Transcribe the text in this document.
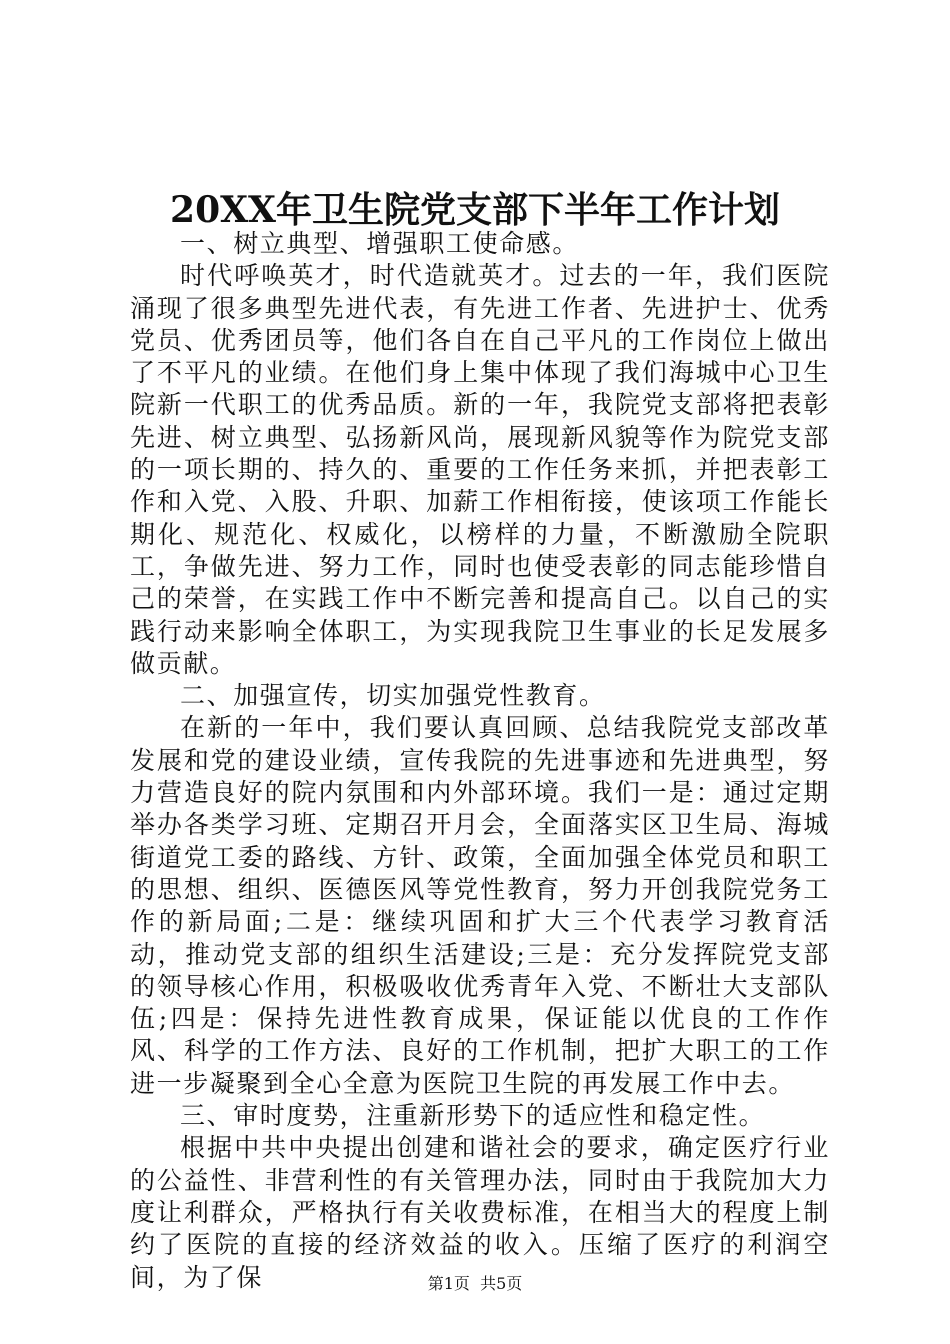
20XX年卫生院党支部下半年工作计划

一、树立典型、增强职工使命感。

时代呼唤英才，时代造就英才。过去的一年，我们医院涌现了很多典型先进代表，有先进工作者、先进护士、优秀党员、优秀团员等，他们各自在自己平凡的工作岗位上做出了不平凡的业绩。在他们身上集中体现了我们海城中心卫生院新一代职工的优秀品质。新的一年，我院党支部将把表彰先进、树立典型、弘扬新风尚，展现新风貌等作为院党支部的一项长期的、持久的、重要的工作任务来抓，并把表彰工作和入党、入股、升职、加薪工作相衔接，使该项工作能长期化、规范化、权威化，以榜样的力量，不断激励全院职工，争做先进、努力工作，同时也使受表彰的同志能珍惜自己的荣誉，在实践工作中不断完善和提高自己。以自己的实践行动来影响全体职工，为实现我院卫生事业的长足发展多做贡献。

二、加强宣传，切实加强党性教育。

在新的一年中，我们要认真回顾、总结我院党支部改革发展和党的建设业绩，宣传我院的先进事迹和先进典型，努力营造良好的院内氛围和内外部环境。我们一是：通过定期举办各类学习班、定期召开月会，全面落实区卫生局、海城街道党工委的路线、方针、政策，全面加强全体党员和职工的思想、组织、医德医风等党性教育，努力开创我院党务工作的新局面;二是：继续巩固和扩大三个代表学习教育活动，推动党支部的组织生活建设;三是：充分发挥院党支部的领导核心作用，积极吸收优秀青年入党、不断壮大支部队伍;四是：保持先进性教育成果，保证能以优良的工作作风、科学的工作方法、良好的工作机制，把扩大职工的工作进一步凝聚到全心全意为医院卫生院的再发展工作中去。

三、审时度势，注重新形势下的适应性和稳定性。

根据中共中央提出创建和谐社会的要求，确定医疗行业的公益性、非营利性的有关管理办法，同时由于我院加大力度让利群众，严格执行有关收费标准，在相当大的程度上制约了医院的直接的经济效益的收入。压缩了医疗的利润空间，为了保	第1页  共5页
